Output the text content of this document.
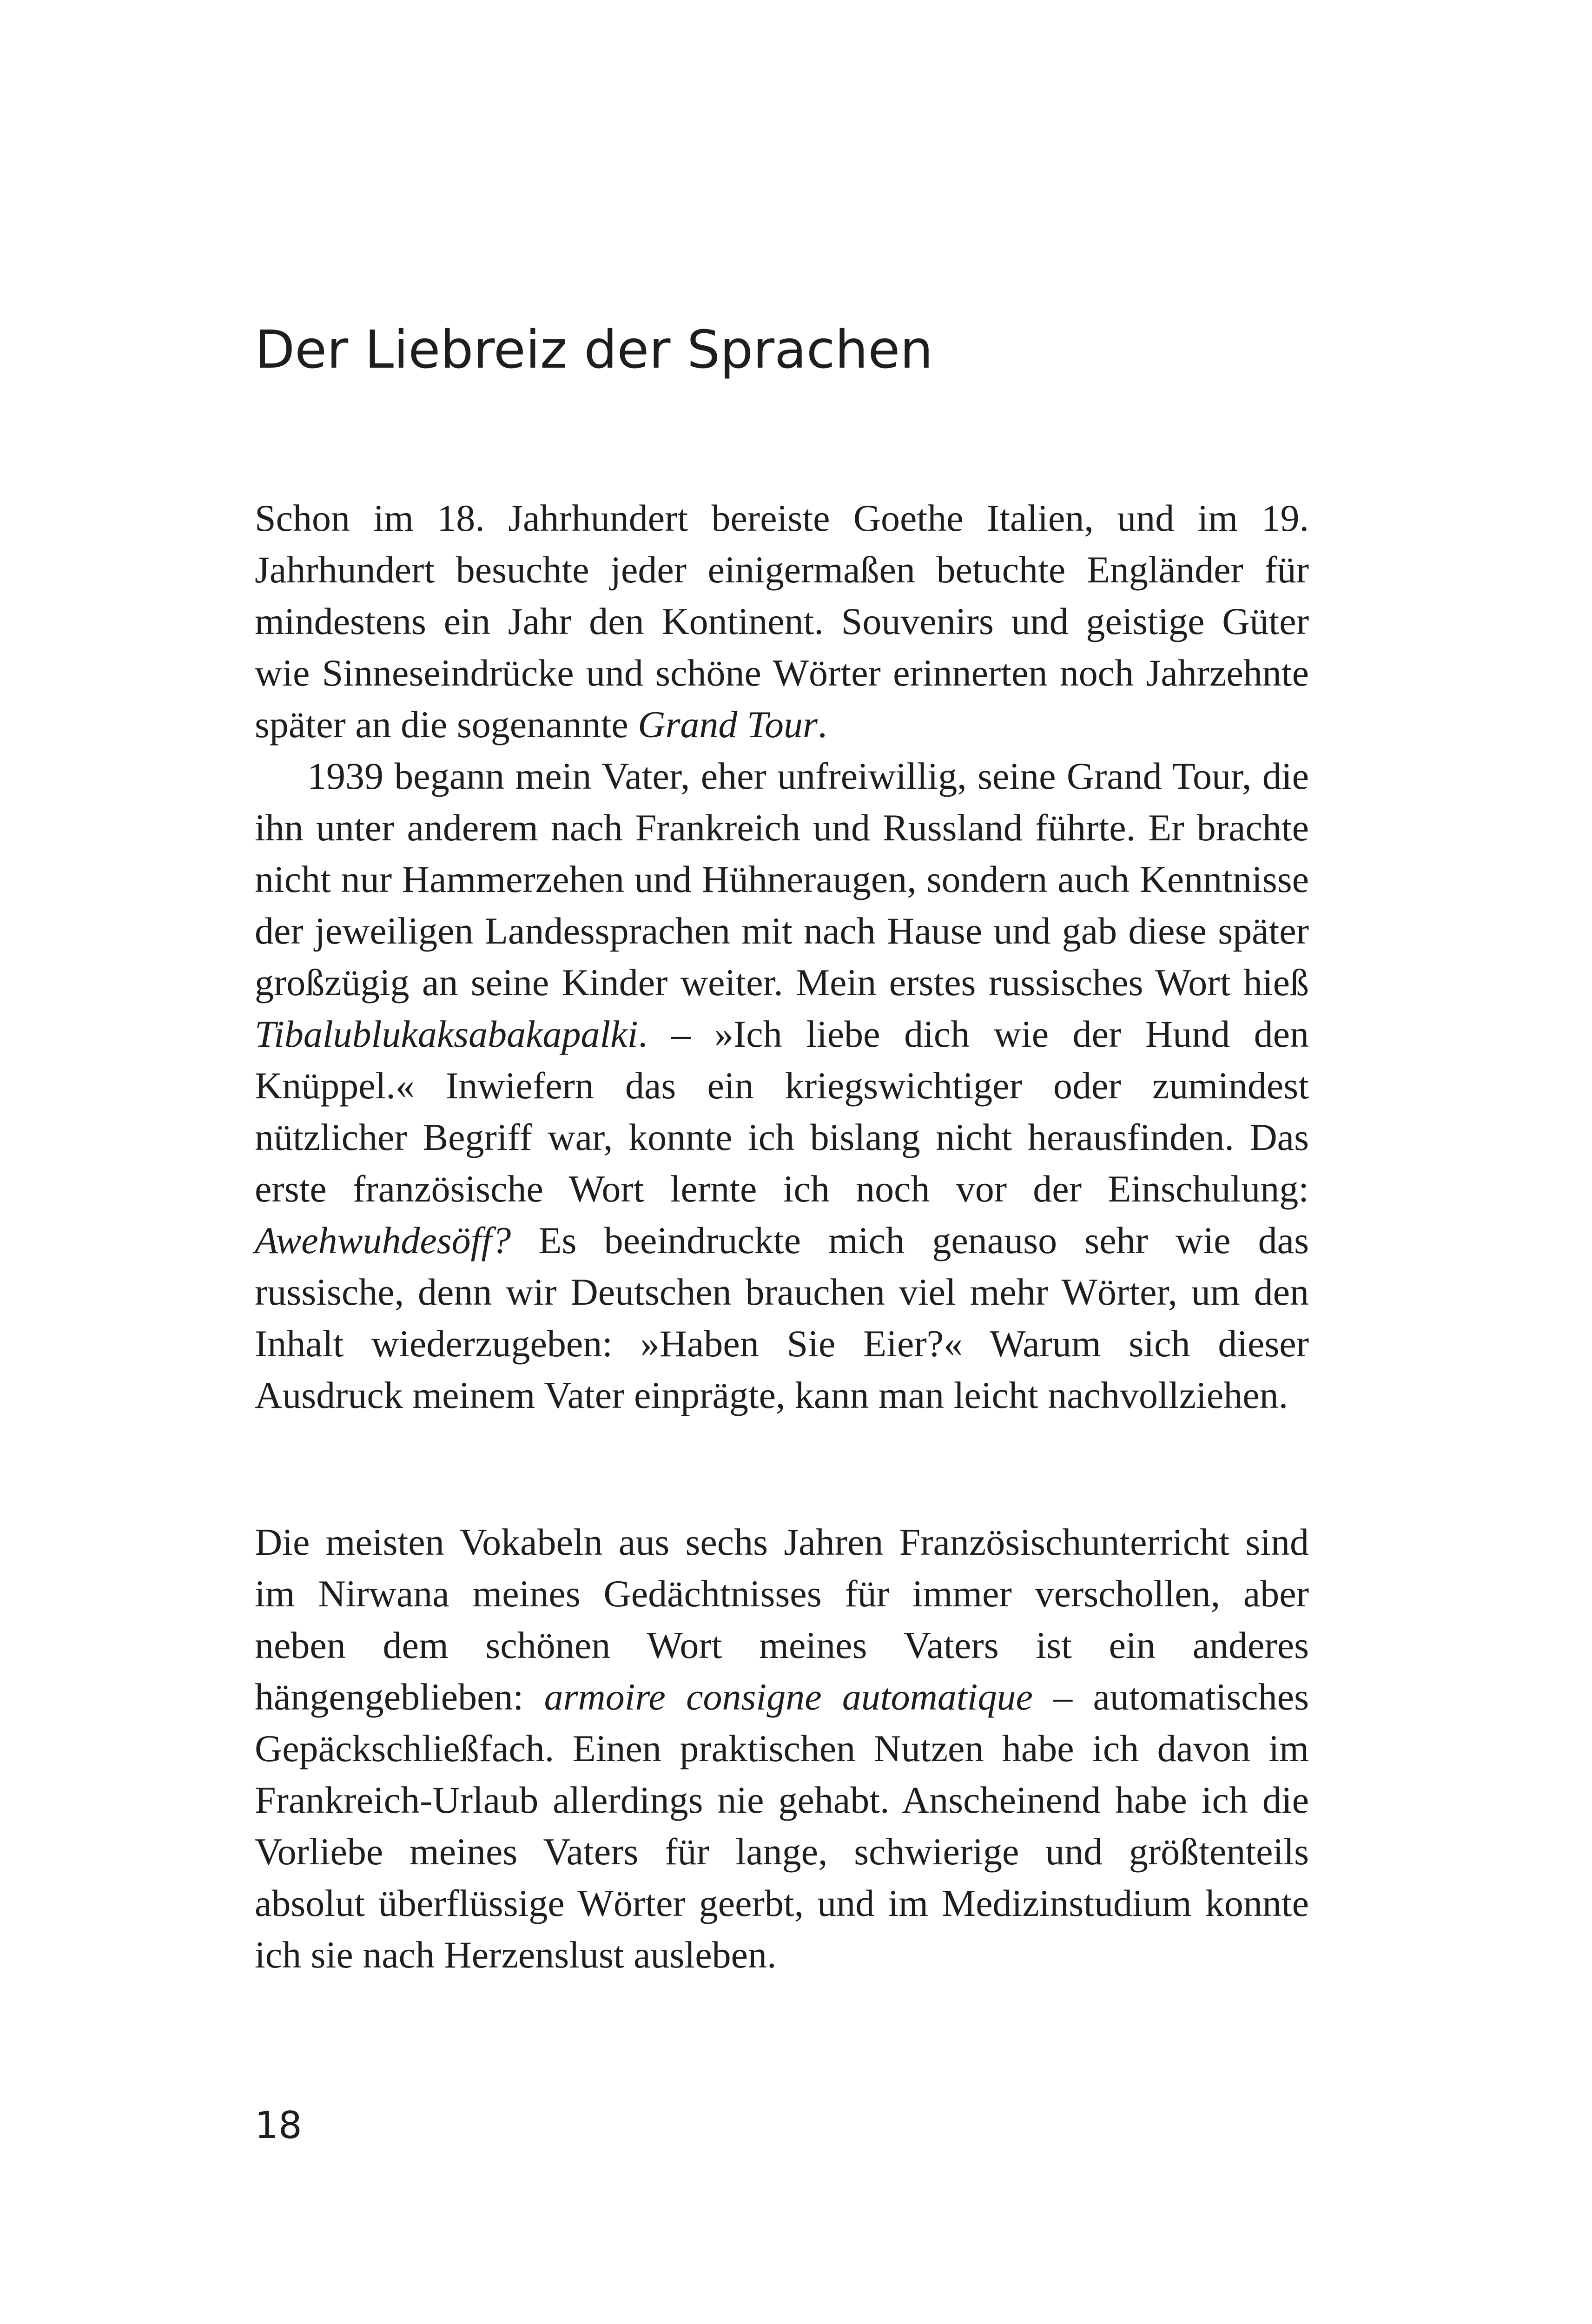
Der Liebreiz der Sprachen

Schon im 18. Jahrhundert bereiste Goethe Italien, und im 19. Jahrhundert besuchte jeder einigermaßen betuchte Engländer für mindestens ein Jahr den Kontinent. Souvenirs und geistige Güter wie Sinneseindrücke und schöne Wörter erinnerten noch Jahrzehnte später an die sogenannte Grand Tour.

1939 begann mein Vater, eher unfreiwillig, seine Grand Tour, die ihn unter anderem nach Frankreich und Russland führte. Er brachte nicht nur Hammerzehen und Hühneraugen, sondern auch Kenntnisse der jeweiligen Landessprachen mit nach Hause und gab diese später großzügig an seine Kinder weiter. Mein erstes russisches Wort hieß Tibalublukaksabakapalki. – »Ich liebe dich wie der Hund den Knüppel.« Inwiefern das ein kriegswichtiger oder zumindest nützlicher Begriff war, konnte ich bislang nicht herausfinden. Das erste französische Wort lernte ich noch vor der Einschulung: Awehwuhdesöff? Es beeindruckte mich genauso sehr wie das russische, denn wir Deutschen brauchen viel mehr Wörter, um den Inhalt wiederzugeben: »Haben Sie Eier?« Warum sich dieser Ausdruck meinem Vater einprägte, kann man leicht nachvollziehen.

Die meisten Vokabeln aus sechs Jahren Französischunterricht sind im Nirwana meines Gedächtnisses für immer verschollen, aber neben dem schönen Wort meines Vaters ist ein anderes hängengeblieben: armoire consigne automatique – automatisches Gepäckschließfach. Einen praktischen Nutzen habe ich davon im Frankreich-Urlaub allerdings nie gehabt. Anscheinend habe ich die Vorliebe meines Vaters für lange, schwierige und größtenteils absolut überflüssige Wörter geerbt, und im Medizinstudium konnte ich sie nach Herzenslust ausleben.

18
